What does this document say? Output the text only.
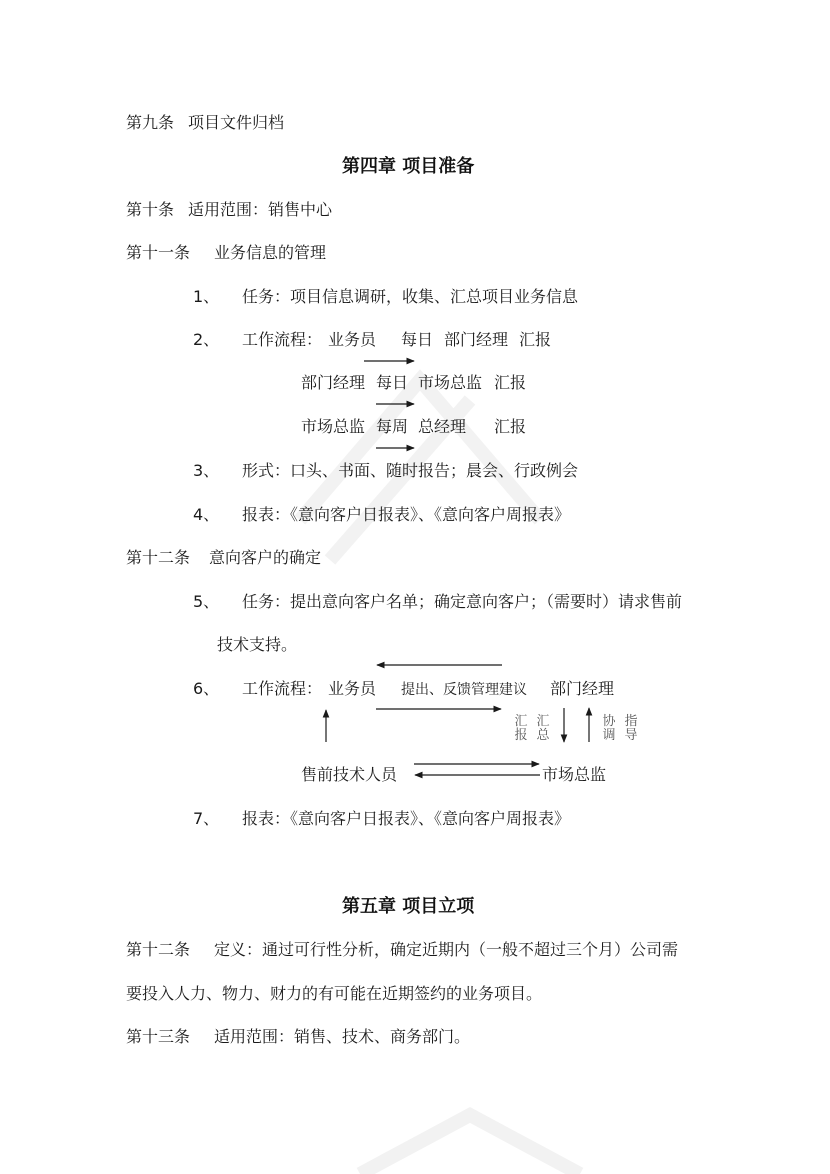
第九条 项目文件归档
第四章 项目准备
第十条 适用范围：销售中心
第十一条 业务信息的管理
1、 任务：项目信息调研，收集、汇总项目业务信息
2、 工作流程： 业务员 每日 部门经理 汇报
部门经理 每日 市场总监 汇报
市场总监 每周 总经理 汇报
3、 形式：口头、书面、随时报告；晨会、行政例会
4、 报表：《意向客户日报表》、《意向客户周报表》
第十二条 意向客户的确定
5、 任务：提出意向客户名单；确定意向客户；（需要时）请求售前
技术支持。
6、 工作流程： 业务员 提出、反馈管理建议 部门经理
售前技术人员	市场总监
汇报
汇总
协调
指导
7、 报表：《意向客户日报表》、《意向客户周报表》
第五章 项目立项
第十二条 定义：通过可行性分析，确定近期内（一般不超过三个月）公司需
要投入人力、物力、财力的有可能在近期签约的业务项目。
第十三条 适用范围：销售、技术、商务部门。
